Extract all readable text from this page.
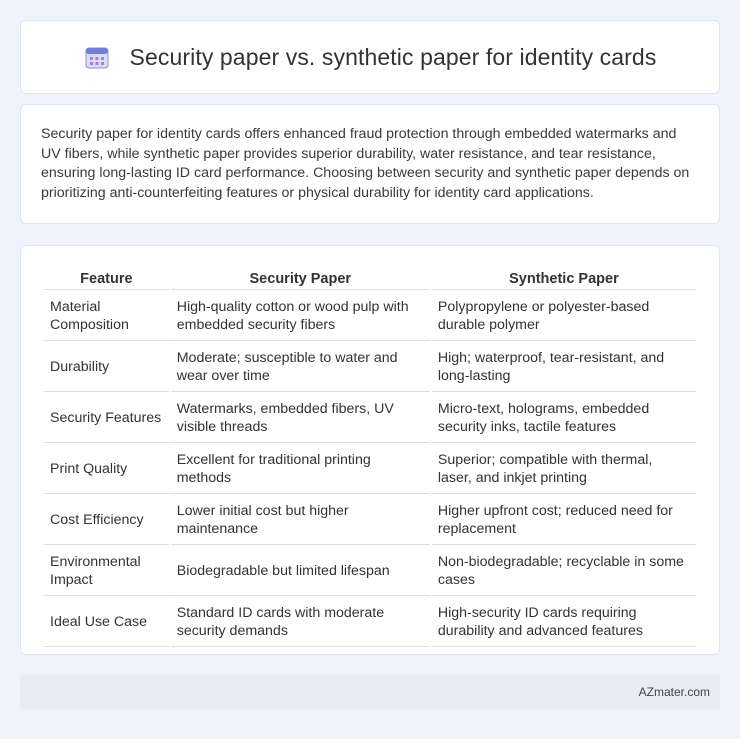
Security paper vs. synthetic paper for identity cards

Security paper for identity cards offers enhanced fraud protection through embedded watermarks and UV fibers, while synthetic paper provides superior durability, water resistance, and tear resistance, ensuring long-lasting ID card performance. Choosing between security and synthetic paper depends on prioritizing anti-counterfeiting features or physical durability for identity card applications.

Feature	Security Paper	Synthetic Paper
Material Composition	High-quality cotton or wood pulp with embedded security fibers	Polypropylene or polyester-based durable polymer
Durability	Moderate; susceptible to water and wear over time	High; waterproof, tear-resistant, and long-lasting
Security Features	Watermarks, embedded fibers, UV visible threads	Micro-text, holograms, embedded security inks, tactile features
Print Quality	Excellent for traditional printing methods	Superior; compatible with thermal, laser, and inkjet printing
Cost Efficiency	Lower initial cost but higher maintenance	Higher upfront cost; reduced need for replacement
Environmental Impact	Biodegradable but limited lifespan	Non-biodegradable; recyclable in some cases
Ideal Use Case	Standard ID cards with moderate security demands	High-security ID cards requiring durability and advanced features
AZmater.com
